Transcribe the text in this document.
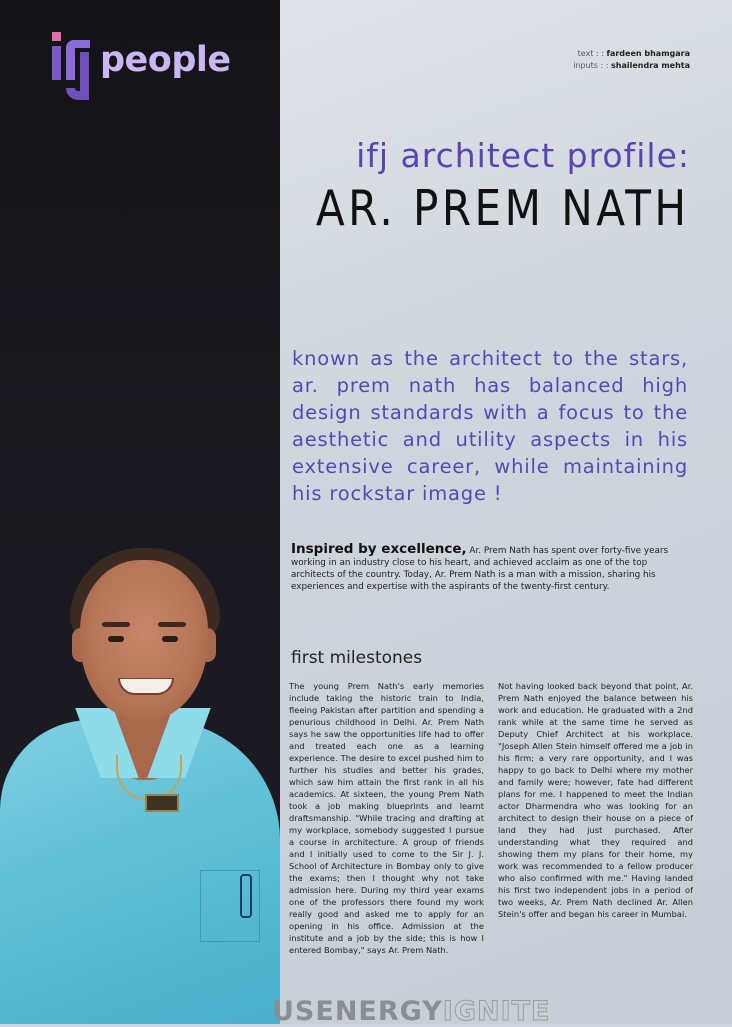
people	text : : fardeen bhamgara
inputs : : shailendra mehta
ifj architect profile:
AR. PREM NATH
known as the architect to the stars, ar. prem nath has balanced high design standards with a focus to the aesthetic and utility aspects in his extensive career, while maintaining his rockstar image !
Inspired by excellence, Ar. Prem Nath has spent over forty-five years working in an industry close to his heart, and achieved acclaim as one of the top architects of the country. Today, Ar. Prem Nath is a man with a mission, sharing his experiences and expertise with the aspirants of the twenty-first century.
first milestones
The young Prem Nath's early memories include taking the historic train to India, fleeing Pakistan after partition and spending a penurious childhood in Delhi. Ar. Prem Nath says he saw the opportunities life had to offer and treated each one as a learning experience. The desire to excel pushed him to further his studies and better his grades, which saw him attain the first rank in all his academics. At sixteen, the young Prem Nath took a job making blueprints and learnt draftsmanship. "While tracing and drafting at my workplace, somebody suggested I pursue a course in architecture. A group of friends and I initially used to come to the Sir J. J. School of Architecture in Bombay only to give the exams; then I thought why not take admission here. During my third year exams one of the professors there found my work really good and asked me to apply for an opening in his office. Admission at the institute and a job by the side; this is how I entered Bombay," says Ar. Prem Nath.
Not having looked back beyond that point, Ar. Prem Nath enjoyed the balance between his work and education. He graduated with a 2nd rank while at the same time he served as Deputy Chief Architect at his workplace. "Joseph Allen Stein himself offered me a job in his firm; a very rare opportunity, and I was happy to go back to Delhi where my mother and family were; however, fate had different plans for me. I happened to meet the Indian actor Dharmendra who was looking for an architect to design their house on a piece of land they had just purchased. After understanding what they required and showing them my plans for their home, my work was recommended to a fellow producer who also confirmed with me." Having landed his first two independent jobs in a period of two weeks, Ar. Prem Nath declined Ar. Allen Stein's offer and began his career in Mumbai.
USENERGYIGNITE
